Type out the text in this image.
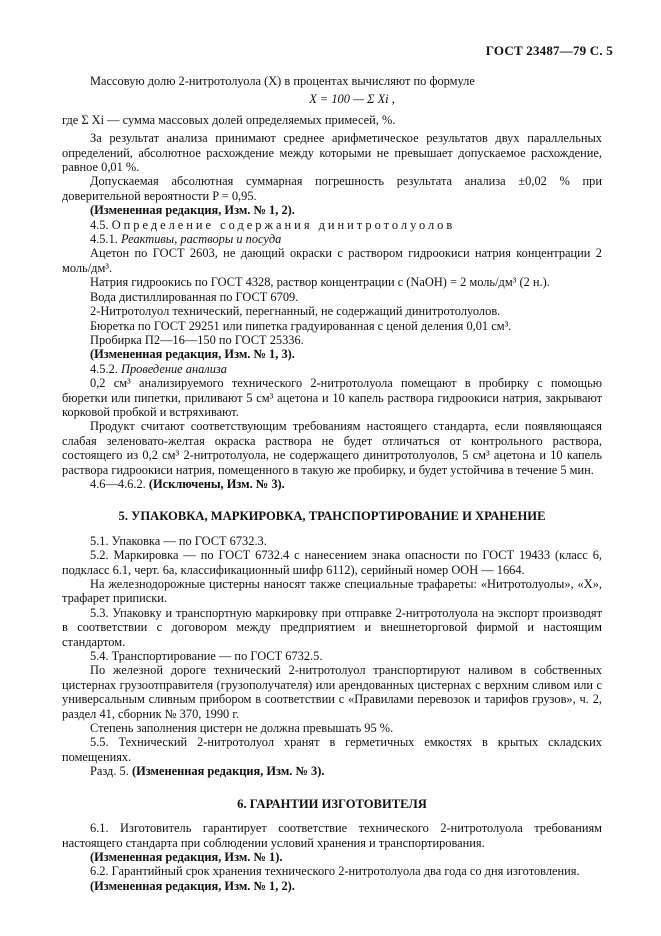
ГОСТ 23487—79 С. 5

Массовую долю 2-нитротолуола (X) в процентах вычисляют по формуле

X = 100 — Σ Xi ,

где Σ Xi — сумма массовых долей определяемых примесей, %.

За результат анализа принимают среднее арифметическое результатов двух параллельных определений, абсолютное расхождение между которыми не превышает допускаемое расхождение, равное 0,01 %.

Допускаемая абсолютная суммарная погрешность результата анализа ±0,02 % при доверительной вероятности P = 0,95.

(Измененная редакция, Изм. № 1, 2).

4.5. Определение содержания динитротолуолов

4.5.1. Реактивы, растворы и посуда

Ацетон по ГОСТ 2603, не дающий окраски с раствором гидроокиси натрия концентрации 2 моль/дм³.

Натрия гидроокись по ГОСТ 4328, раствор концентрации c (NaOH) = 2 моль/дм³ (2 н.).

Вода дистиллированная по ГОСТ 6709.

2-Нитротолуол технический, перегнанный, не содержащий динитротолуолов.

Бюретка по ГОСТ 29251 или пипетка градуированная с ценой деления 0,01 см³.

Пробирка П2—16—150 по ГОСТ 25336.

(Измененная редакция, Изм. № 1, 3).

4.5.2. Проведение анализа

0,2 см³ анализируемого технического 2-нитротолуола помещают в пробирку с помощью бюретки или пипетки, приливают 5 см³ ацетона и 10 капель раствора гидроокиси натрия, закрывают корковой пробкой и встряхивают.

Продукт считают соответствующим требованиям настоящего стандарта, если появляющаяся слабая зеленовато-желтая окраска раствора не будет отличаться от контрольного раствора, состоящего из 0,2 см³ 2-нитротолуола, не содержащего динитротолуолов, 5 см³ ацетона и 10 капель раствора гидроокиси натрия, помещенного в такую же пробирку, и будет устойчива в течение 5 мин.

4.6—4.6.2. (Исключены, Изм. № 3).

5. УПАКОВКА, МАРКИРОВКА, ТРАНСПОРТИРОВАНИЕ И ХРАНЕНИЕ

5.1. Упаковка — по ГОСТ 6732.3.

5.2. Маркировка — по ГОСТ 6732.4 с нанесением знака опасности по ГОСТ 19433 (класс 6, подкласс 6.1, черт. 6а, классификационный шифр 6112), серийный номер ООН — 1664.

На железнодорожные цистерны наносят также специальные трафареты: «Нитротолуолы», «Х», трафарет приписки.

5.3. Упаковку и транспортную маркировку при отправке 2-нитротолуола на экспорт производят в соответствии с договором между предприятием и внешнеторговой фирмой и настоящим стандартом.

5.4. Транспортирование — по ГОСТ 6732.5.

По железной дороге технический 2-нитротолуол транспортируют наливом в собственных цистернах грузоотправителя (грузополучателя) или арендованных цистернах с верхним сливом или с универсальным сливным прибором в соответствии с «Правилами перевозок и тарифов грузов», ч. 2, раздел 41, сборник № 370, 1990 г.

Степень заполнения цистерн не должна превышать 95 %.

5.5. Технический 2-нитротолуол хранят в герметичных емкостях в крытых складских помещениях.

Разд. 5. (Измененная редакция, Изм. № 3).

6. ГАРАНТИИ ИЗГОТОВИТЕЛЯ

6.1. Изготовитель гарантирует соответствие технического 2-нитротолуола требованиям настоящего стандарта при соблюдении условий хранения и транспортирования.

(Измененная редакция, Изм. № 1).

6.2. Гарантийный срок хранения технического 2-нитротолуола два года со дня изготовления.

(Измененная редакция, Изм. № 1, 2).
